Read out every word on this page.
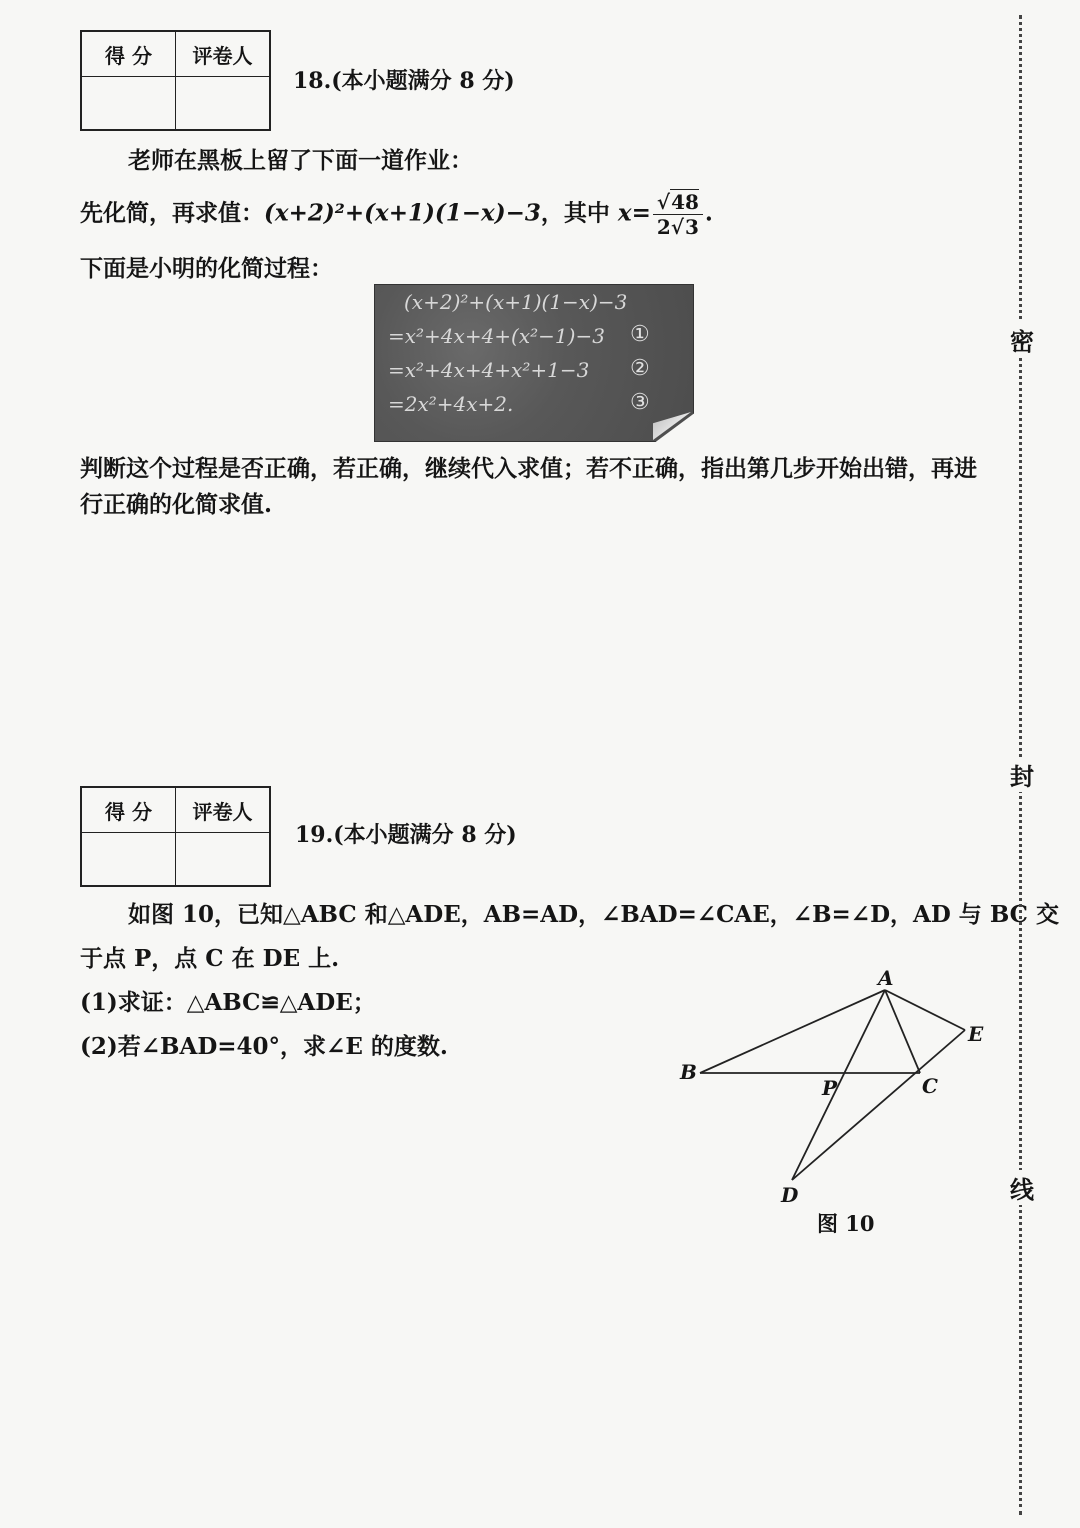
得 分	评卷人

18.(本小题满分 8 分)
老师在黑板上留了下面一道作业：
先化简，再求值：(x+2)²+(x+1)(1−x)−3，其中 $x= \frac{√48}{2√3}$ .
下面是小明的化简过程：
(x+2)²+(x+1)(1−x)−3
=x²+4x+4+(x²−1)−3 ①
=x²+4x+4+x²+1−3 ②
=2x²+4x+2.	③
判断这个过程是否正确，若正确，继续代入求值；若不正确，指出第几步开始出错，再进
行正确的化简求值.
得 分	评卷人

19.(本小题满分 8 分)
如图 10，已知△ABC 和△ADE，AB=AD，∠BAD=∠CAE，∠B=∠D，AD 与 BC 交
于点 P，点 C 在 DE 上.
(1)求证：△ABC≌△ADE；
(2)若∠BAD=40°，求∠E 的度数.
A
B
C
D
E
P
图 10
密
封
线
